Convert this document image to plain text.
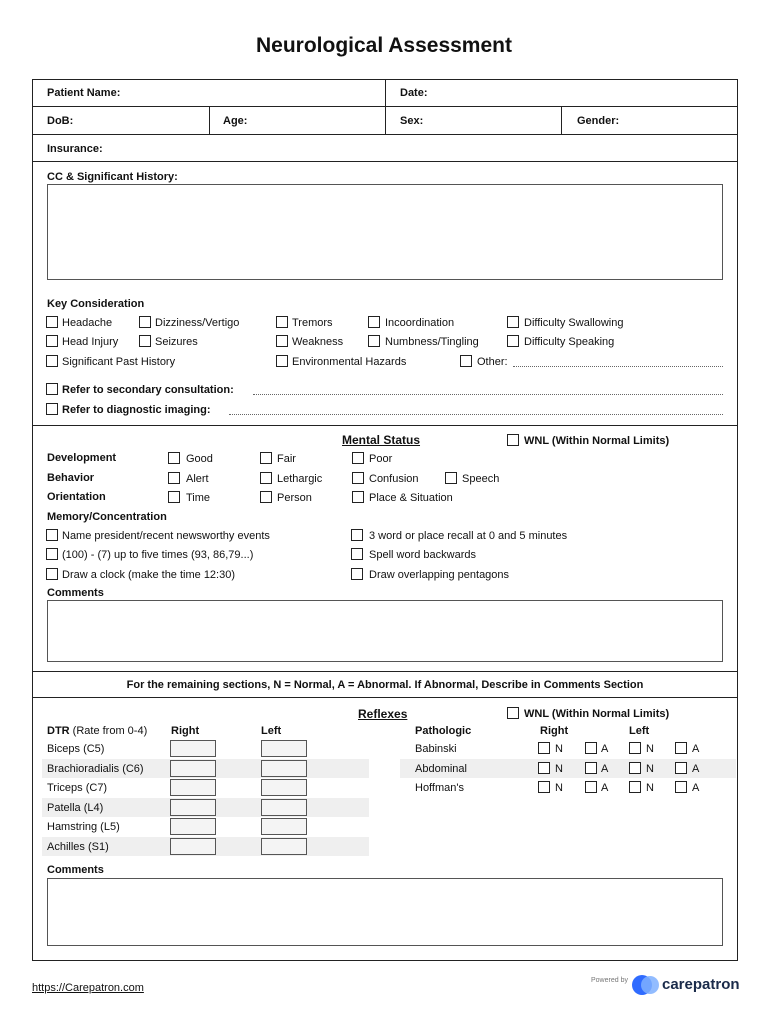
Neurological Assessment
Patient Name:	Date:
DoB:	Age:	Sex:	Gender:
Insurance:
CC & Significant History:
Key Consideration
Headache	Dizziness/Vertigo	Tremors	Incoordination	Difficulty Swallowing
Head Injury	Seizures	Weakness	Numbness/Tingling	Difficulty Speaking
Significant Past History	Environmental Hazards	Other:
Refer to secondary consultation:
Refer to diagnostic imaging:
Mental Status	WNL (Within Normal Limits)
Development	Good	Fair	Poor
Behavior	Alert	Lethargic	Confusion	Speech
Orientation	Time	Person	Place & Situation
Memory/Concentration
Name president/recent newsworthy events	3 word or place recall at 0 and 5 minutes
(100) - (7) up to five times (93, 86,79...)	Spell word backwards
Draw a clock (make the time 12:30)	Draw overlapping pentagons
Comments
For the remaining sections, N = Normal, A = Abnormal. If Abnormal, Describe in Comments Section
Reflexes	WNL (Within Normal Limits)
DTR (Rate from 0-4) Right	Left
Biceps (C5)
Brachioradialis (C6)
Triceps (C7)
Patella (L4)
Hamstring (L5)
Achilles (S1)
Pathologic	Right	Left
Babinski	N	A	N	A
Abdominal	N	A	N	A
Hoffman's	N	A	N	A
Comments
https://Carepatron.com
Powered by carepatron
